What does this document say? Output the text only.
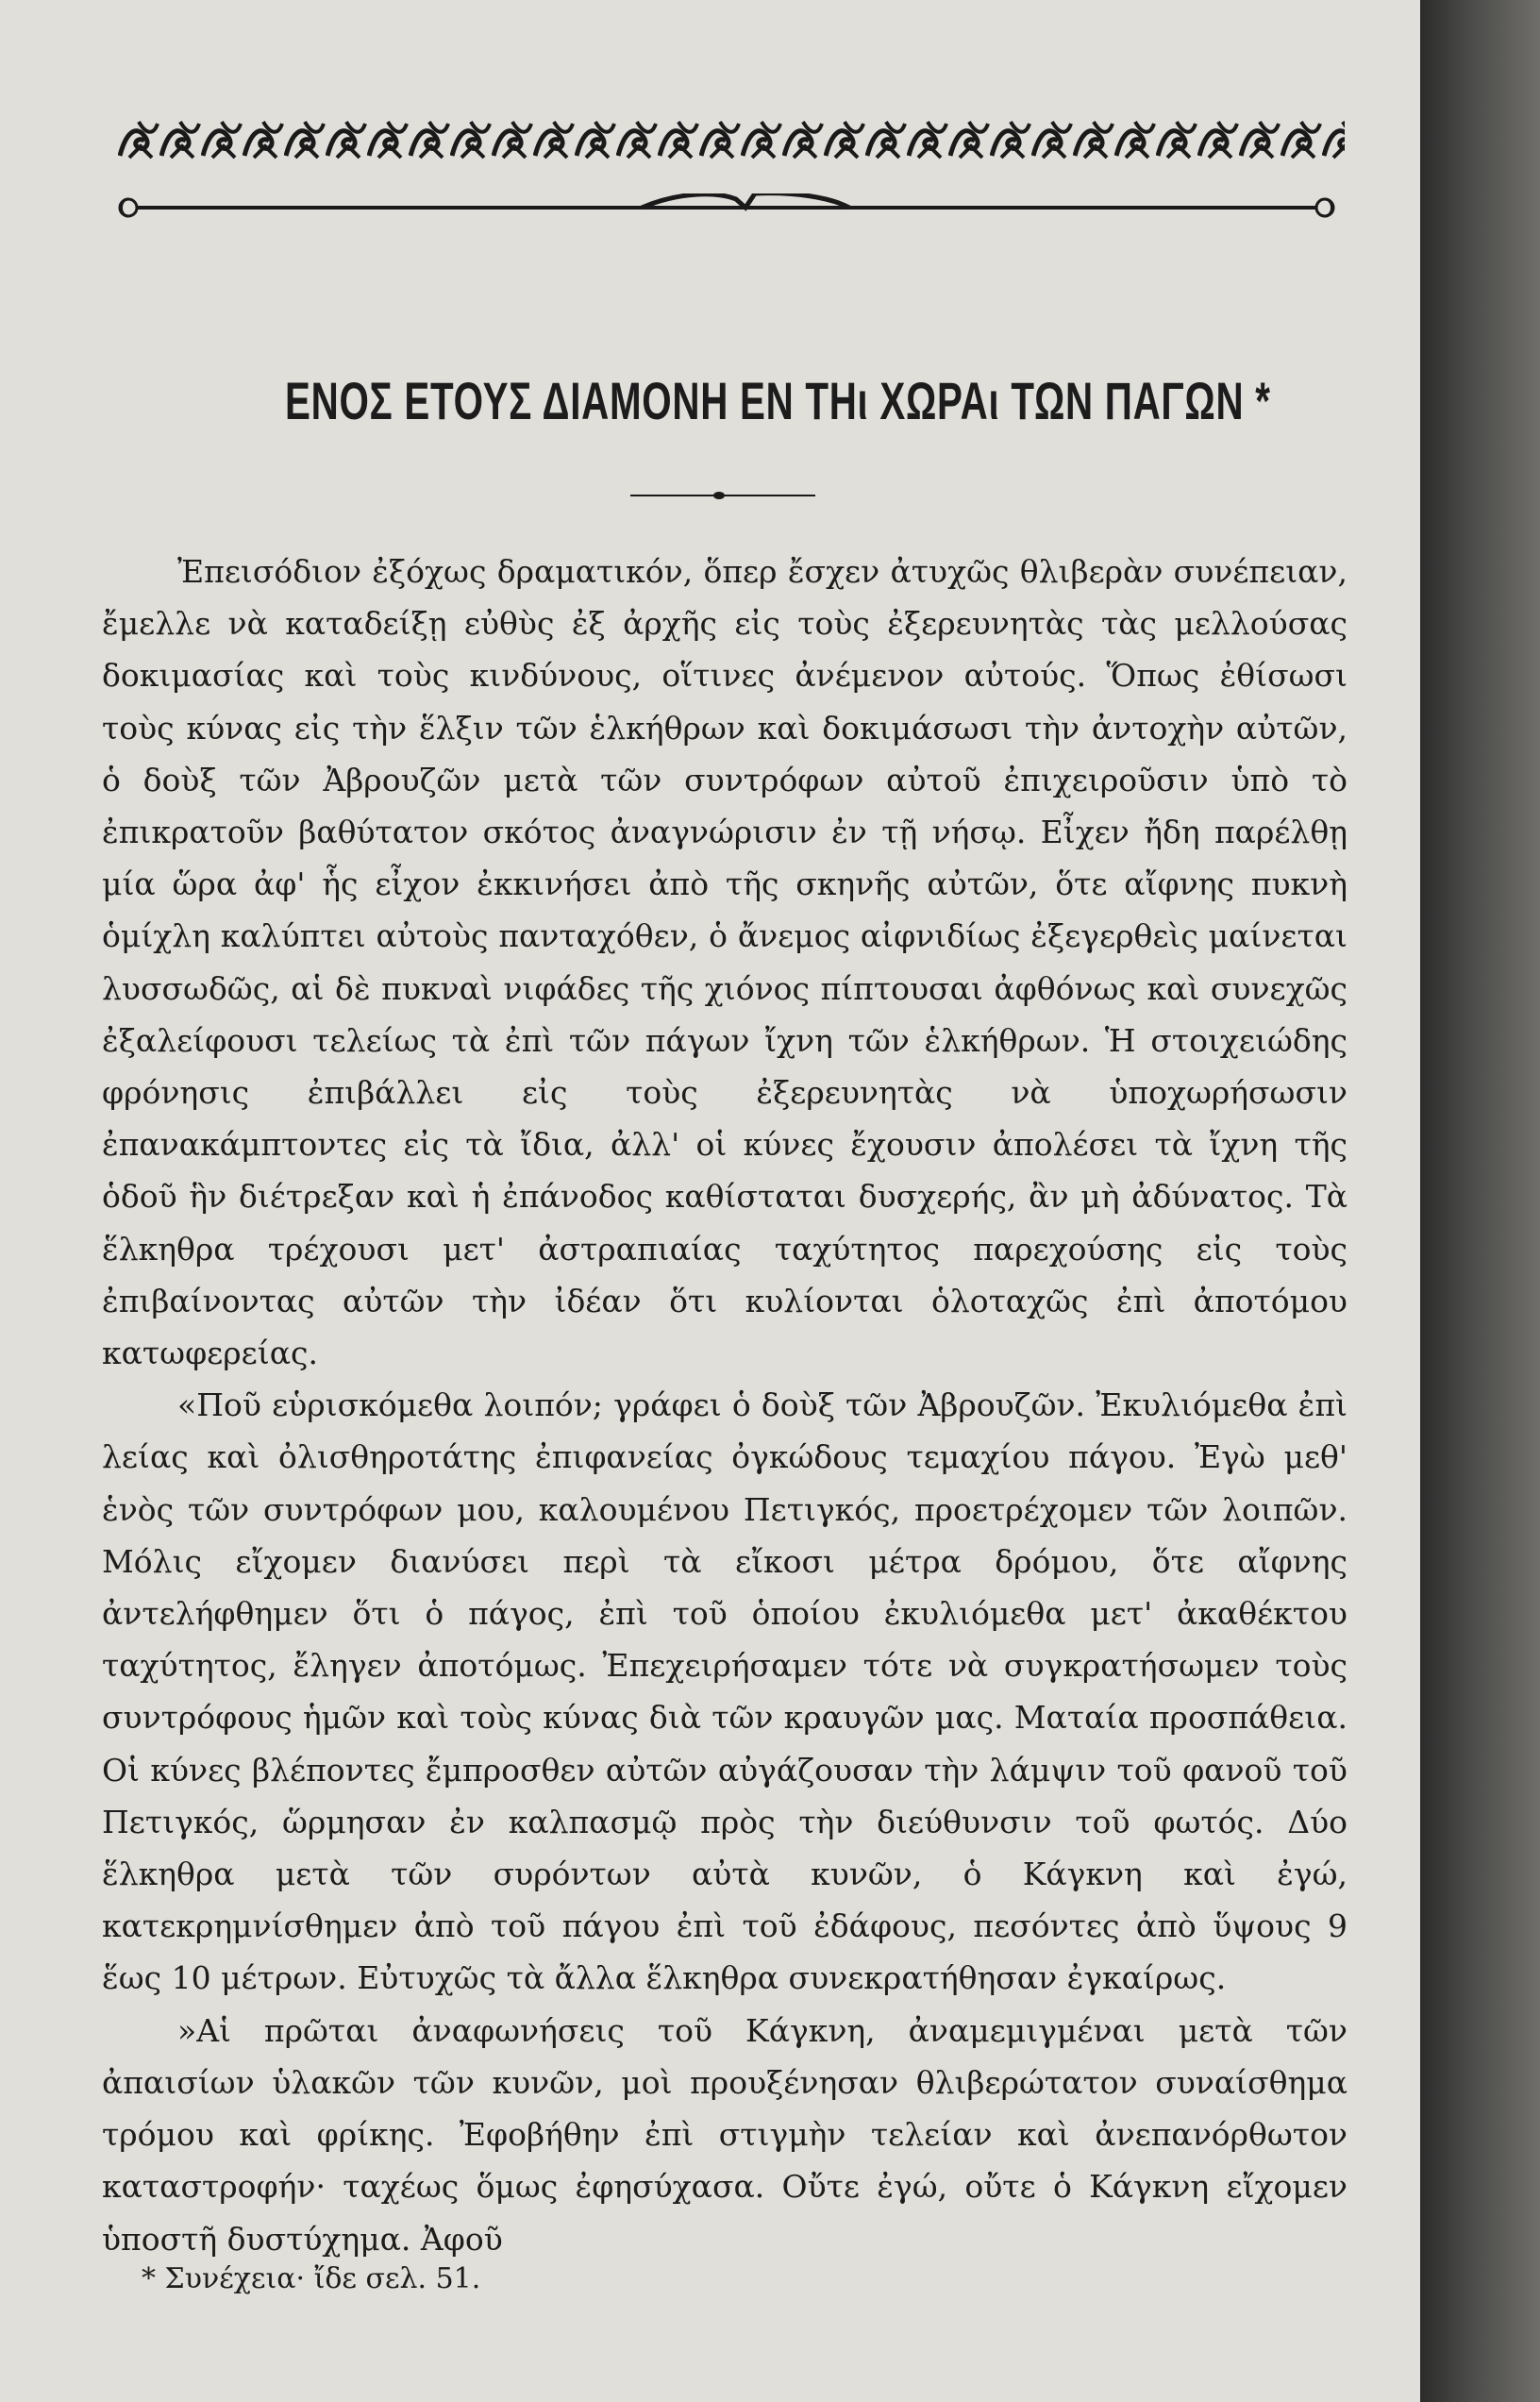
ΕΝΟΣ ΕΤΟΥΣ ΔΙΑΜΟΝΗ ΕΝ ΤΗι ΧΩΡΑι ΤΩΝ ΠΑΓΩΝ *

Ἐπεισόδιον ἐξόχως δραματικόν, ὅπερ ἔσχεν ἀτυχῶς θλιβερὰν συνέπειαν, ἔμελλε νὰ καταδείξῃ εὐθὺς ἐξ ἀρχῆς εἰς τοὺς ἐξερευνητὰς τὰς μελλούσας δοκιμασίας καὶ τοὺς κινδύνους, οἵτινες ἀνέμενον αὐτούς. Ὅπως ἐθίσωσι τοὺς κύνας εἰς τὴν ἕλξιν τῶν ἑλκήθρων καὶ δοκιμάσωσι τὴν ἀντοχὴν αὐτῶν, ὁ δοὺξ τῶν Ἀβρουζῶν μετὰ τῶν συντρόφων αὐτοῦ ἐπιχειροῦσιν ὑπὸ τὸ ἐπικρατοῦν βαθύτατον σκότος ἀναγνώρισιν ἐν τῇ νήσῳ. Εἶχεν ἤδη παρέλθῃ μία ὥρα ἀφ' ἧς εἶχον ἐκκινήσει ἀπὸ τῆς σκηνῆς αὐτῶν, ὅτε αἴφνης πυκνὴ ὁμίχλη καλύπτει αὐτοὺς πανταχόθεν, ὁ ἄνεμος αἰφνιδίως ἐξεγερθεὶς μαίνεται λυσσωδῶς, αἱ δὲ πυκναὶ νιφάδες τῆς χιόνος πίπτουσαι ἀφθόνως καὶ συνεχῶς ἐξαλείφουσι τελείως τὰ ἐπὶ τῶν πάγων ἴχνη τῶν ἑλκήθρων. Ἡ στοιχειώδης φρόνησις ἐπιβάλλει εἰς τοὺς ἐξερευνητὰς νὰ ὑποχωρήσωσιν ἐπανακάμπτοντες εἰς τὰ ἴδια, ἀλλ' οἱ κύνες ἔχουσιν ἀπολέσει τὰ ἴχνη τῆς ὁδοῦ ἣν διέτρεξαν καὶ ἡ ἐπάνοδος καθίσταται δυσχερής, ἂν μὴ ἀδύνατος. Τὰ ἕλκηθρα τρέχουσι μετ' ἀστραπιαίας ταχύτητος παρεχούσης εἰς τοὺς ἐπιβαίνοντας αὐτῶν τὴν ἰδέαν ὅτι κυλίονται ὁλοταχῶς ἐπὶ ἀποτόμου κατωφερείας.

«Ποῦ εὑρισκόμεθα λοιπόν; γράφει ὁ δοὺξ τῶν Ἀβρουζῶν. Ἐκυλιόμεθα ἐπὶ λείας καὶ ὀλισθηροτάτης ἐπιφανείας ὀγκώδους τεμαχίου πάγου. Ἐγὼ μεθ' ἑνὸς τῶν συντρόφων μου, καλουμένου Πετιγκός, προετρέχομεν τῶν λοιπῶν. Μόλις εἴχομεν διανύσει περὶ τὰ εἴκοσι μέτρα δρόμου, ὅτε αἴφνης ἀντελήφθημεν ὅτι ὁ πάγος, ἐπὶ τοῦ ὁποίου ἐκυλιόμεθα μετ' ἀκαθέκτου ταχύτητος, ἔληγεν ἀποτόμως. Ἐπεχειρήσαμεν τότε νὰ συγκρατήσωμεν τοὺς συντρόφους ἡμῶν καὶ τοὺς κύνας διὰ τῶν κραυγῶν μας. Ματαία προσπάθεια. Οἱ κύνες βλέποντες ἔμπροσθεν αὐτῶν αὐγάζουσαν τὴν λάμψιν τοῦ φανοῦ τοῦ Πετιγκός, ὥρμησαν ἐν καλπασμῷ πρὸς τὴν διεύθυνσιν τοῦ φωτός. Δύο ἕλκηθρα μετὰ τῶν συρόντων αὐτὰ κυνῶν, ὁ Κάγκνη καὶ ἐγώ, κατεκρημνίσθημεν ἀπὸ τοῦ πάγου ἐπὶ τοῦ ἐδάφους, πεσόντες ἀπὸ ὕψους 9 ἕως 10 μέτρων. Εὐτυχῶς τὰ ἄλλα ἕλκηθρα συνεκρατήθησαν ἐγκαίρως.

»Αἱ πρῶται ἀναφωνήσεις τοῦ Κάγκνη, ἀναμεμιγμέναι μετὰ τῶν ἀπαισίων ὑλακῶν τῶν κυνῶν, μοὶ προυξένησαν θλιβερώτατον συναίσθημα τρόμου καὶ φρίκης. Ἐφοβήθην ἐπὶ στιγμὴν τελείαν καὶ ἀνεπανόρθωτον καταστροφήν· ταχέως ὅμως ἐφησύχασα. Οὔτε ἐγώ, οὔτε ὁ Κάγκνη εἴχομεν ὑποστῆ δυστύχημα. Ἀφοῦ

* Συνέχεια· ἴδε σελ. 51.
